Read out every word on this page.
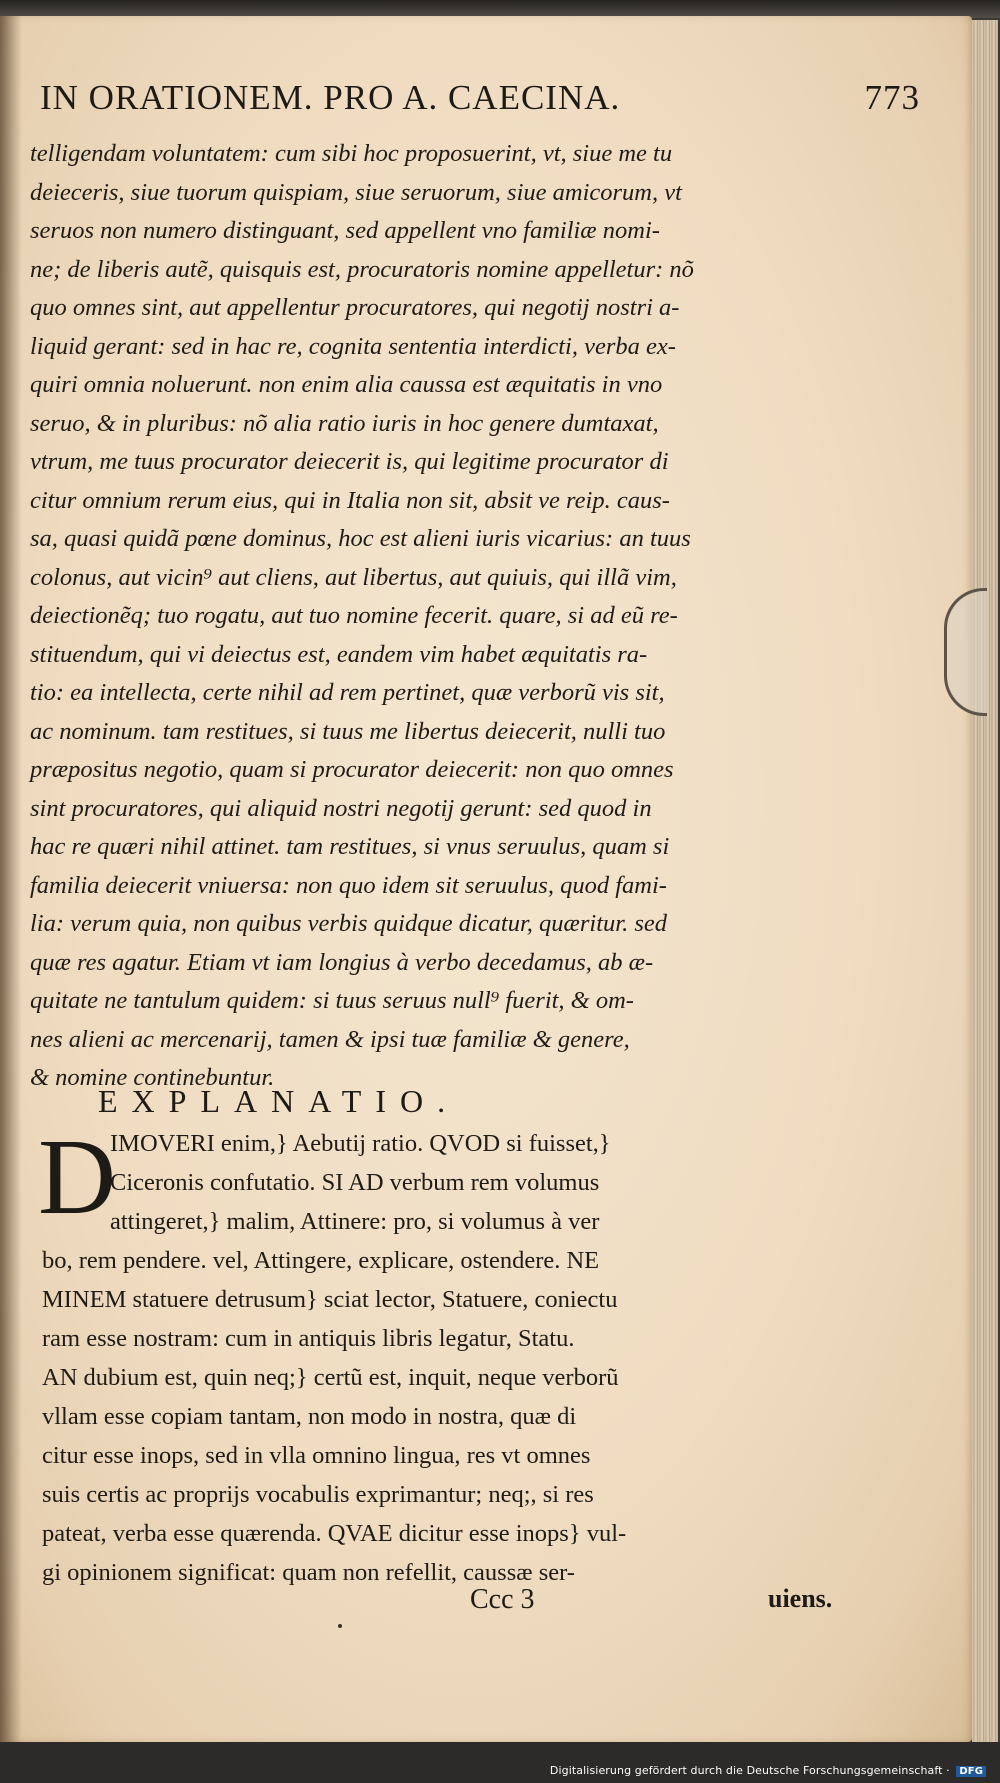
IN ORATIONEM. PRO A. CAECINA.	773
telligendam voluntatem: cum sibi hoc proposuerint, vt, siue me tu
deieceris, siue tuorum quispiam, siue seruorum, siue amicorum, vt
seruos non numero distinguant, sed appellent vno familiæ nomi-
ne; de liberis autẽ, quisquis est, procuratoris nomine appelletur: nõ
quo omnes sint, aut appellentur procuratores, qui negotij nostri a-
liquid gerant: sed in hac re, cognita sententia interdicti, verba ex-
quiri omnia noluerunt. non enim alia caussa est æquitatis in vno
seruo, & in pluribus: nõ alia ratio iuris in hoc genere dumtaxat,
vtrum, me tuus procurator deiecerit is, qui legitime procurator di
citur omnium rerum eius, qui in Italia non sit, absit ve reip. caus-
sa, quasi quidã pœne dominus, hoc est alieni iuris vicarius: an tuus
colonus, aut vicin⁹ aut cliens, aut libertus, aut quiuis, qui illã vim,
deiectionẽq; tuo rogatu, aut tuo nomine fecerit. quare, si ad eũ re-
stituendum, qui vi deiectus est, eandem vim habet æquitatis ra-
tio: ea intellecta, certe nihil ad rem pertinet, quæ verborũ vis sit,
ac nominum. tam restitues, si tuus me libertus deiecerit, nulli tuo
præpositus negotio, quam si procurator deiecerit: non quo omnes
sint procuratores, qui aliquid nostri negotij gerunt: sed quod in
hac re quæri nihil attinet. tam restitues, si vnus seruulus, quam si
familia deiecerit vniuersa: non quo idem sit seruulus, quod fami-
lia: verum quia, non quibus verbis quidque dicatur, quæritur. sed
quæ res agatur. Etiam vt iam longius à verbo decedamus, ab æ-
quitate ne tantulum quidem: si tuus seruus null⁹ fuerit, & om-
nes alieni ac mercenarij, tamen & ipsi tuæ familiæ & genere,
& nomine continebuntur.
EXPLANATIO.
D
IMOVERI enim,} Aebutij ratio. QVOD si fuisset,}
Ciceronis confutatio. SI AD verbum rem volumus
attingeret,} malim, Attinere: pro, si volumus à ver
bo, rem pendere. vel, Attingere, explicare, ostendere. NE
MINEM statuere detrusum} sciat lector, Statuere, coniectu
ram esse nostram: cum in antiquis libris legatur, Statu.
AN dubium est, quin neq;} certũ est, inquit, neque verborũ
vllam esse copiam tantam, non modo in nostra, quæ di
citur esse inops, sed in vlla omnino lingua, res vt omnes
suis certis ac proprijs vocabulis exprimantur; neq;, si res
pateat, verba esse quærenda. QVAE dicitur esse inops} vul-
gi opinionem significat: quam non refellit, caussæ ser-
Ccc 3	uiens.
Digitalisierung gefördert durch die Deutsche Forschungsgemeinschaft · DFG
